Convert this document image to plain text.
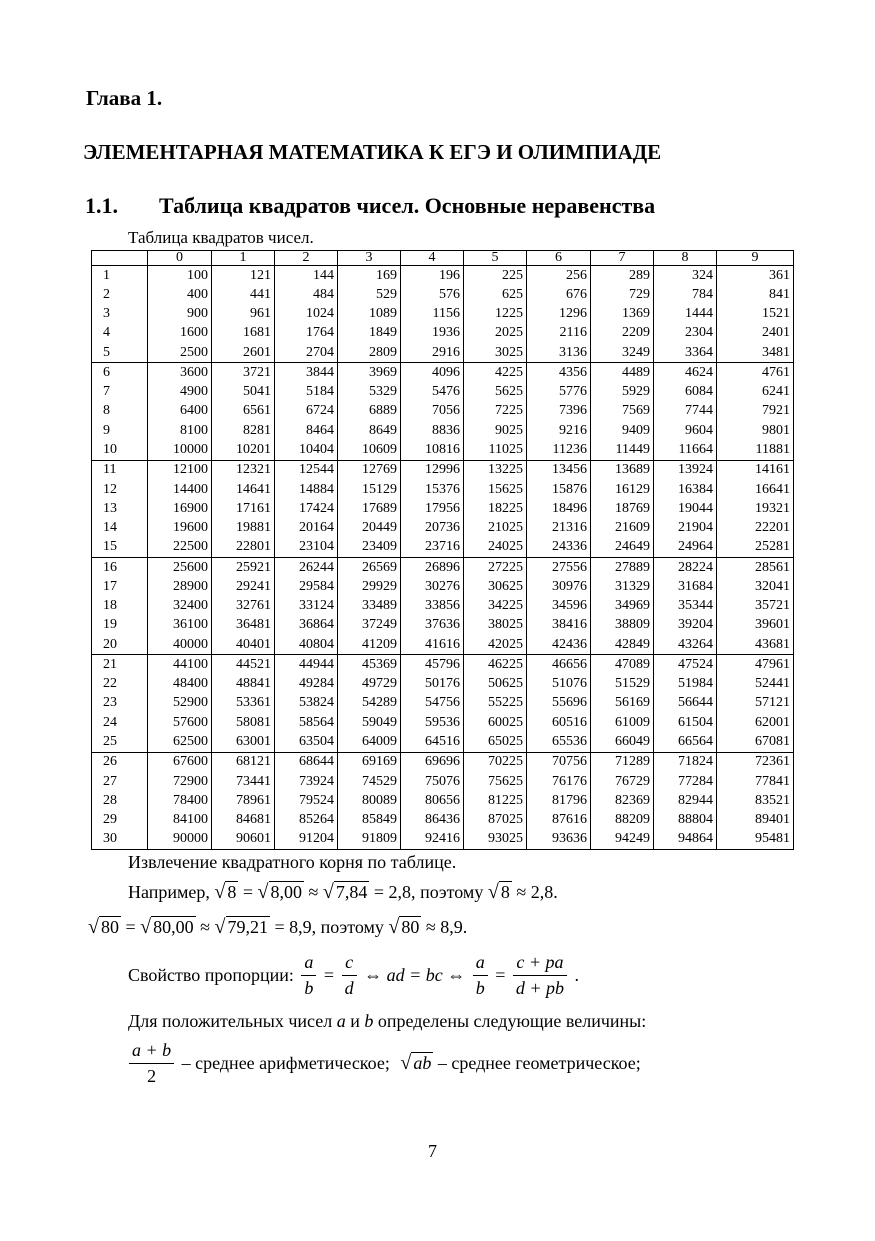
Глава 1.
ЭЛЕМЕНТАРНАЯ МАТЕМАТИКА К ЕГЭ И ОЛИМПИАДЕ
1.1. Таблица квадратов чисел. Основные неравенства
Таблица квадратов чисел.
	0	1	2	3	4	5	6	7	8	9
1	100	121	144	169	196	225	256	289	324	361
2	400	441	484	529	576	625	676	729	784	841
3	900	961	1024	1089	1156	1225	1296	1369	1444	1521
4	1600	1681	1764	1849	1936	2025	2116	2209	2304	2401
5	2500	2601	2704	2809	2916	3025	3136	3249	3364	3481
6	3600	3721	3844	3969	4096	4225	4356	4489	4624	4761
7	4900	5041	5184	5329	5476	5625	5776	5929	6084	6241
8	6400	6561	6724	6889	7056	7225	7396	7569	7744	7921
9	8100	8281	8464	8649	8836	9025	9216	9409	9604	9801
10	10000	10201	10404	10609	10816	11025	11236	11449	11664	11881
11	12100	12321	12544	12769	12996	13225	13456	13689	13924	14161
12	14400	14641	14884	15129	15376	15625	15876	16129	16384	16641
13	16900	17161	17424	17689	17956	18225	18496	18769	19044	19321
14	19600	19881	20164	20449	20736	21025	21316	21609	21904	22201
15	22500	22801	23104	23409	23716	24025	24336	24649	24964	25281
16	25600	25921	26244	26569	26896	27225	27556	27889	28224	28561
17	28900	29241	29584	29929	30276	30625	30976	31329	31684	32041
18	32400	32761	33124	33489	33856	34225	34596	34969	35344	35721
19	36100	36481	36864	37249	37636	38025	38416	38809	39204	39601
20	40000	40401	40804	41209	41616	42025	42436	42849	43264	43681
21	44100	44521	44944	45369	45796	46225	46656	47089	47524	47961
22	48400	48841	49284	49729	50176	50625	51076	51529	51984	52441
23	52900	53361	53824	54289	54756	55225	55696	56169	56644	57121
24	57600	58081	58564	59049	59536	60025	60516	61009	61504	62001
25	62500	63001	63504	64009	64516	65025	65536	66049	66564	67081
26	67600	68121	68644	69169	69696	70225	70756	71289	71824	72361
27	72900	73441	73924	74529	75076	75625	76176	76729	77284	77841
28	78400	78961	79524	80089	80656	81225	81796	82369	82944	83521
29	84100	84681	85264	85849	86436	87025	87616	88209	88804	89401
30	90000	90601	91204	91809	92416	93025	93636	94249	94864	95481
Извлечение квадратного корня по таблице.
Например, √ 8 = √ 8,00 ≈ √ 7,84 = 2,8, поэтому √ 8 ≈ 2,8.
√ 80 = √ 80,00 ≈ √ 79,21 = 8,9, поэтому √ 80 ≈ 8,9.
Свойство пропорции: $\frac{a}{b} = \frac{c}{d}$ ⇔ ad = bc ⇔ $\frac{a}{b} = \frac{c + pa}{d + pb}$ .
Для положительных чисел a и b определены следующие величины:
$\frac{a + b}{2}$ – среднее арифметическое; √ ab – среднее геометрическое;
7
